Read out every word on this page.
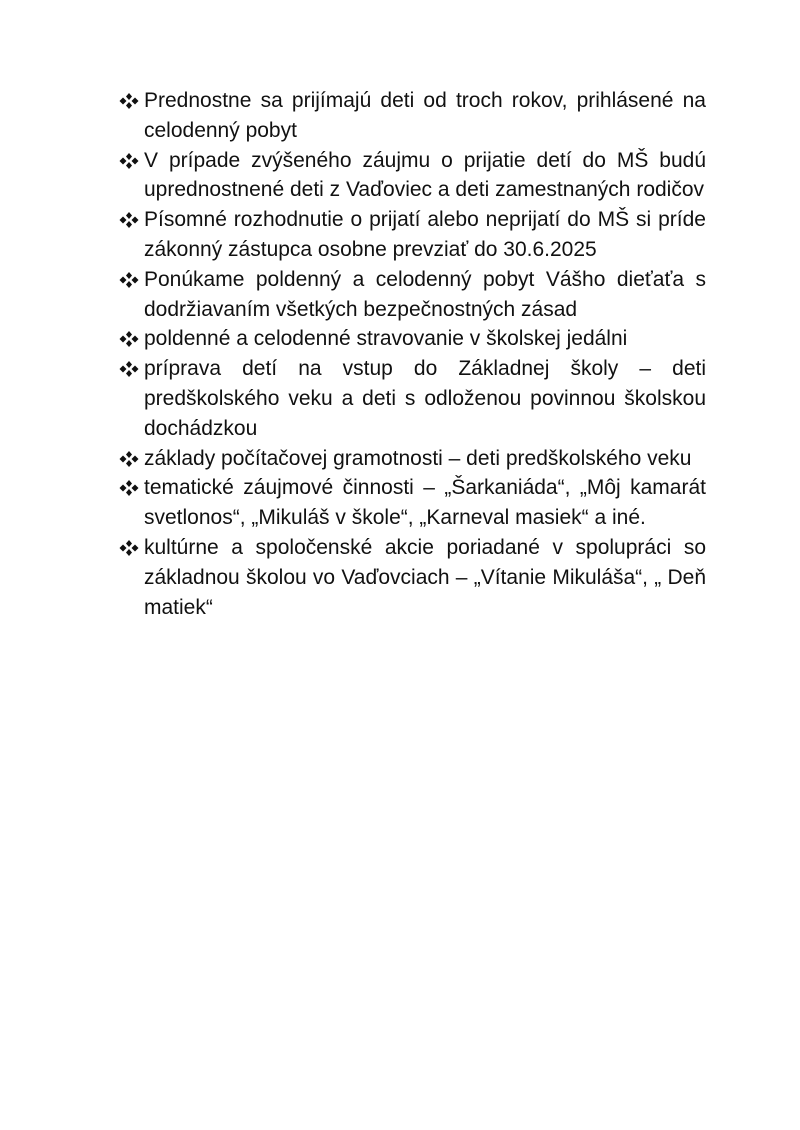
Prednostne sa prijímajú deti od troch rokov, prihlásené na celodenný pobyt
V prípade zvýšeného záujmu o prijatie detí do MŠ budú uprednostnené deti z Vaďoviec a deti zamestnaných rodičov
Písomné rozhodnutie o prijatí alebo neprijatí do MŠ si príde zákonný zástupca osobne prevziať do 30.6.2025
Ponúkame poldenný a celodenný pobyt Vášho dieťaťa s dodržiavaním všetkých bezpečnostných zásad
poldenné a celodenné stravovanie v školskej jedálni
príprava detí na vstup do Základnej školy – deti predškolského veku a deti s odloženou povinnou školskou dochádzkou
základy počítačovej gramotnosti – deti predškolského veku
tematické záujmové činnosti – „Šarkaniáda“, „Môj kamarát svetlonos“, „Mikuláš v škole“, „Karneval masiek“ a iné.
kultúrne a spoločenské akcie poriadané v spolupráci so základnou školou vo Vaďovciach – „Vítanie Mikuláša“, „ Deň matiek“
